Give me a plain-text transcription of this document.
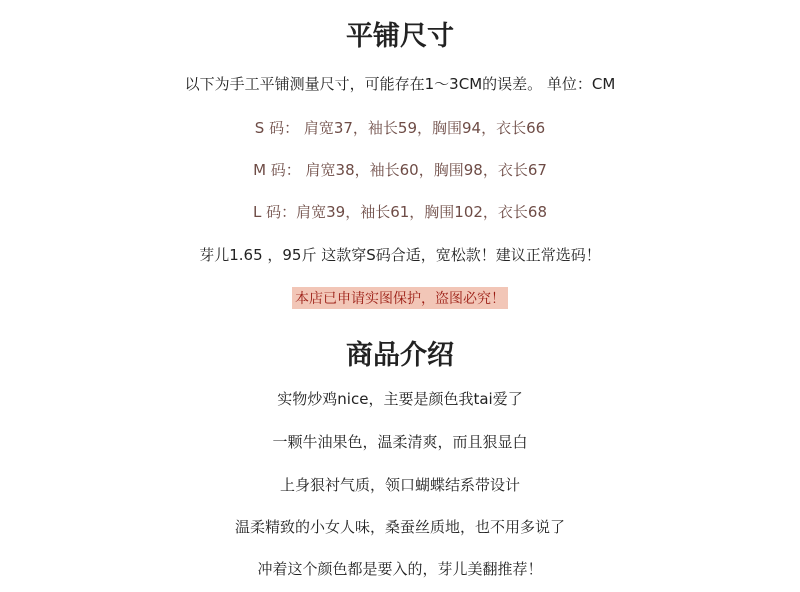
平铺尺寸
以下为手工平铺测量尺寸，可能存在1～3CM的误差。 单位：CM
S 码： 肩宽37，袖长59，胸围94，衣长66
M 码： 肩宽38，袖长60，胸围98，衣长67
L 码：肩宽39，袖长61，胸围102，衣长68
芽儿1.65 ，95斤 这款穿S码合适，宽松款！建议正常选码！
本店已申请实图保护，盗图必究！
商品介绍
实物炒鸡nice，主要是颜色我tai爱了
一颗牛油果色，温柔清爽，而且狠显白
上身狠衬气质，领口蝴蝶结系带设计
温柔精致的小女人味，桑蚕丝质地，也不用多说了
冲着这个颜色都是要入的，芽儿美翻推荐！
